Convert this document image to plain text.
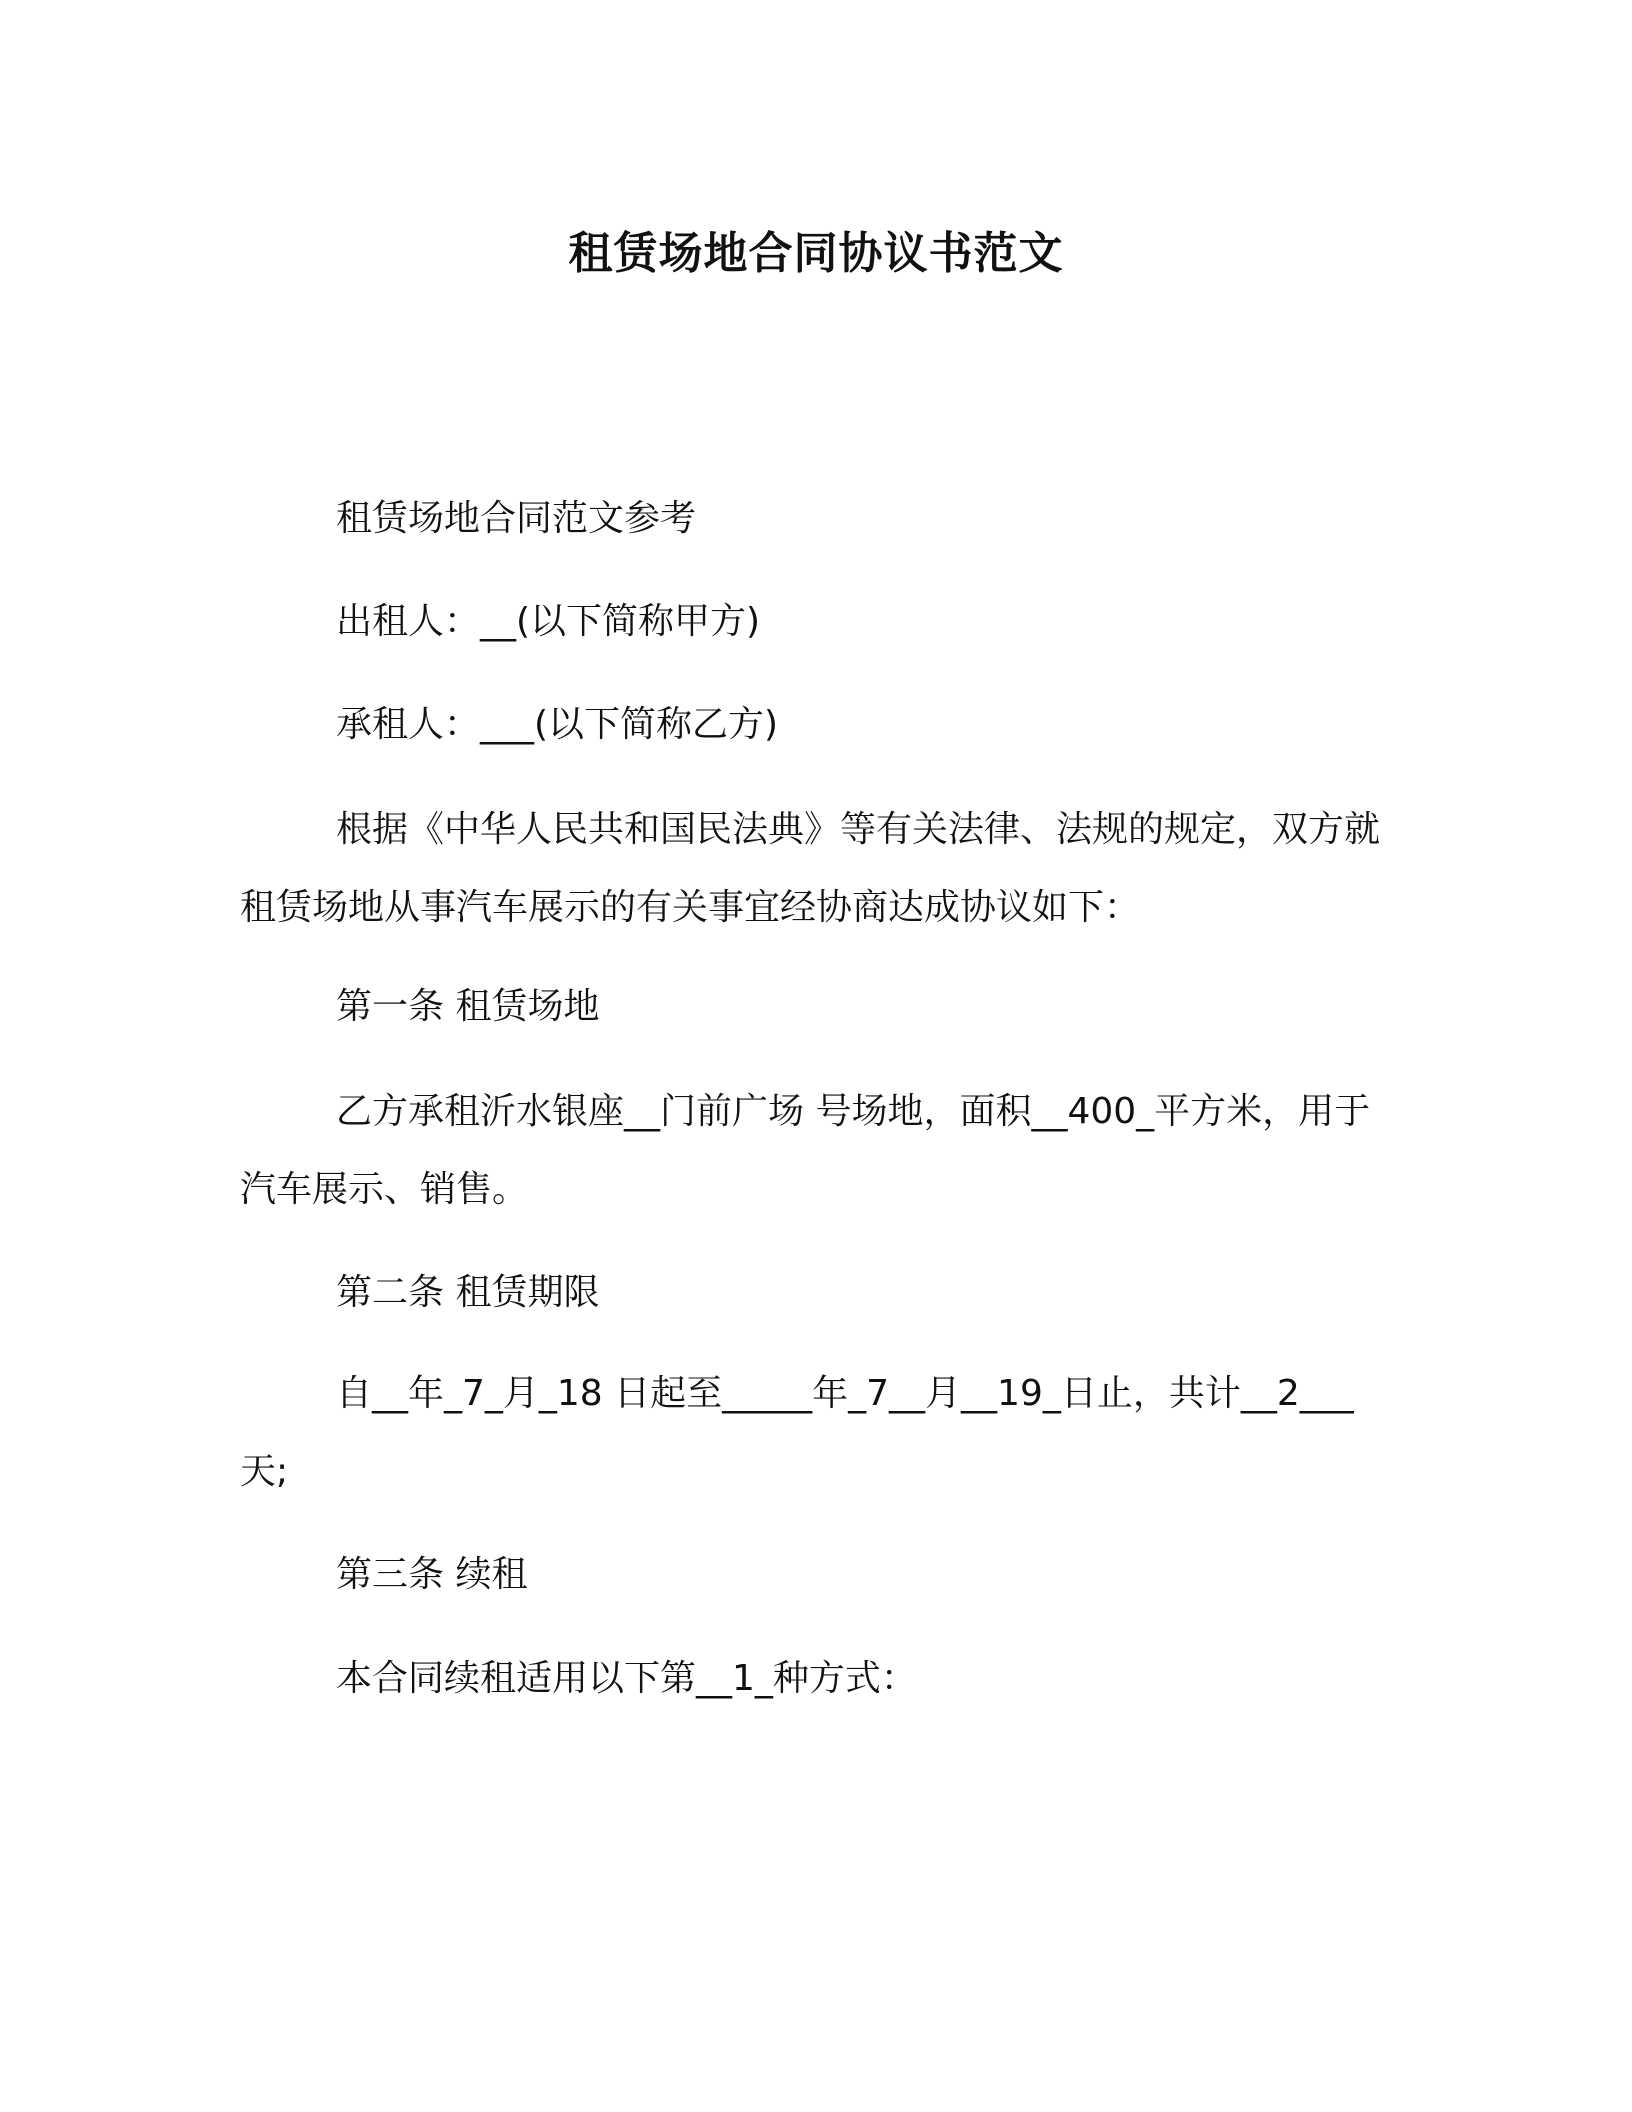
租赁场地合同协议书范文
租赁场地合同范文参考
出租人：__(以下简称甲方)
承租人：___(以下简称乙方)
根据《中华人民共和国民法典》等有关法律、法规的规定，双方就租赁场地从事汽车展示的有关事宜经协商达成协议如下：
第一条 租赁场地
乙方承租沂水银座__门前广场 号场地，面积__400_平方米，用于汽车展示、销售。
第二条 租赁期限
自__年_7_月_18 日起至_____年_7__月__19_日止，共计__2___天;
第三条 续租
本合同续租适用以下第__1_种方式：
